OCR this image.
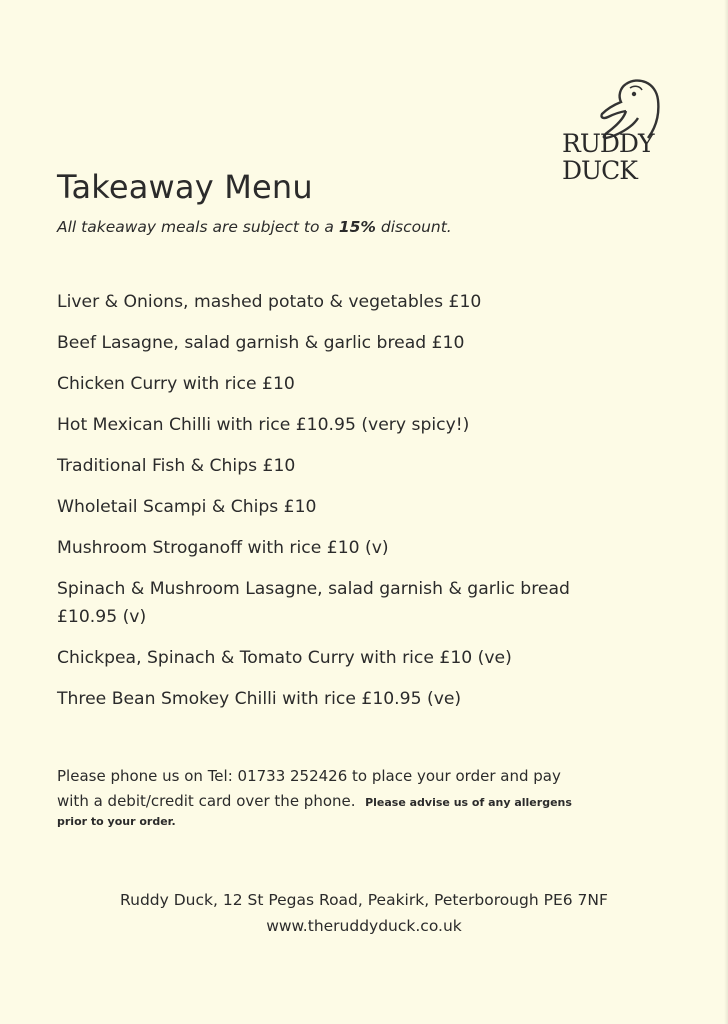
RUDDY
DUCK
Takeaway Menu
All takeaway meals are subject to a 15% discount.
Liver & Onions, mashed potato & vegetables £10
Beef Lasagne, salad garnish & garlic bread £10
Chicken Curry with rice £10
Hot Mexican Chilli with rice £10.95 (very spicy!)
Traditional Fish & Chips £10
Wholetail Scampi & Chips £10
Mushroom Stroganoff with rice £10 (v)
Spinach & Mushroom Lasagne, salad garnish & garlic bread
£10.95 (v)
Chickpea, Spinach & Tomato Curry with rice £10 (ve)
Three Bean Smokey Chilli with rice £10.95 (ve)
Please phone us on Tel: 01733 252426 to place your order and pay
with a debit/credit card over the phone. Please advise us of any allergens
prior to your order.
Ruddy Duck, 12 St Pegas Road, Peakirk, Peterborough PE6 7NF
www.theruddyduck.co.uk
